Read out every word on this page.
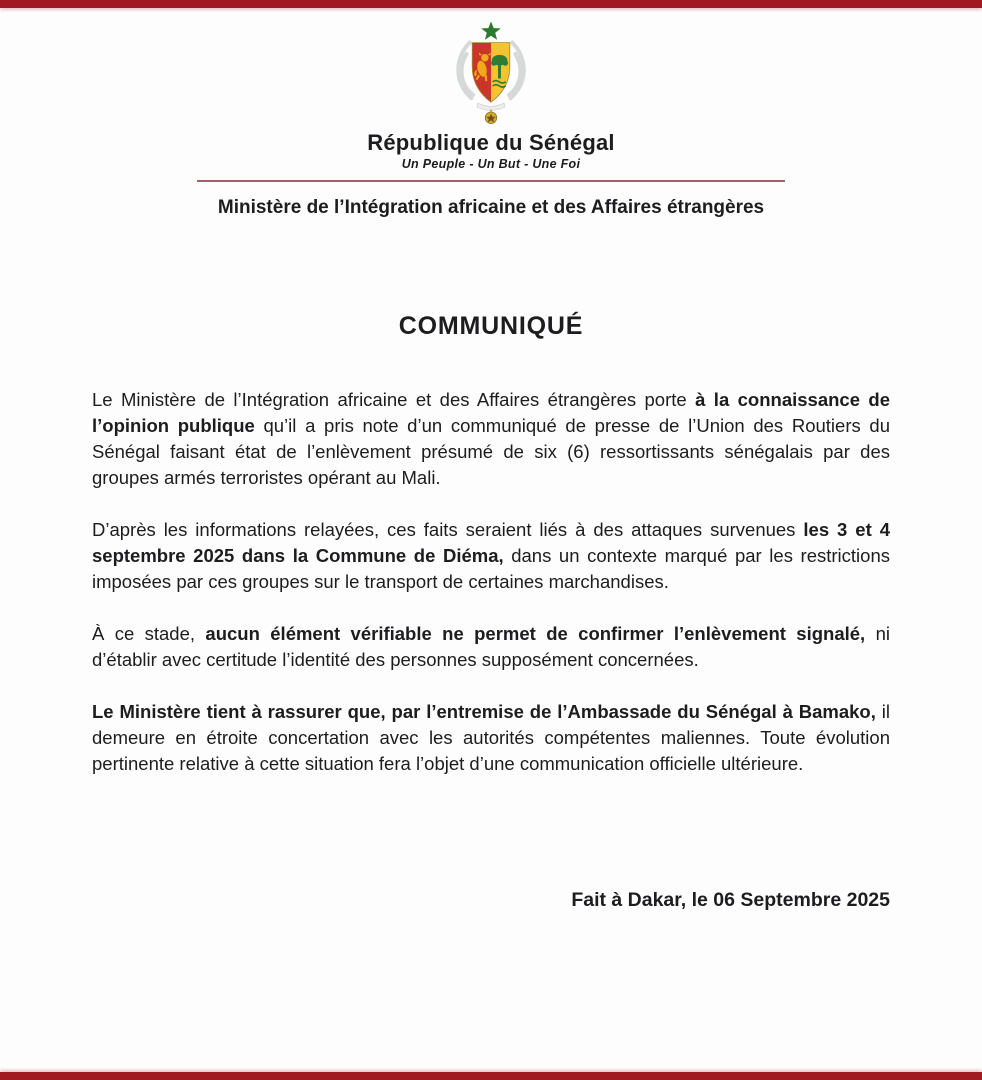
République du Sénégal
Un Peuple - Un But - Une Foi
Ministère de l’Intégration africaine et des Affaires étrangères
COMMUNIQUÉ

Le Ministère de l’Intégration africaine et des Affaires étrangères porte à la connaissance de l’opinion publique qu’il a pris note d’un communiqué de presse de l’Union des Routiers du Sénégal faisant état de l’enlèvement présumé de six (6) ressortissants sénégalais par des groupes armés terroristes opérant au Mali.

D’après les informations relayées, ces faits seraient liés à des attaques survenues les 3 et 4 septembre 2025 dans la Commune de Diéma, dans un contexte marqué par les restrictions imposées par ces groupes sur le transport de certaines marchandises.

À ce stade, aucun élément vérifiable ne permet de confirmer l’enlèvement signalé, ni d’établir avec certitude l’identité des personnes supposément concernées.

Le Ministère tient à rassurer que, par l’entremise de l’Ambassade du Sénégal à Bamako, il demeure en étroite concertation avec les autorités compétentes maliennes. Toute évolution pertinente relative à cette situation fera l’objet d’une communication officielle ultérieure.

Fait à Dakar, le 06 Septembre 2025
